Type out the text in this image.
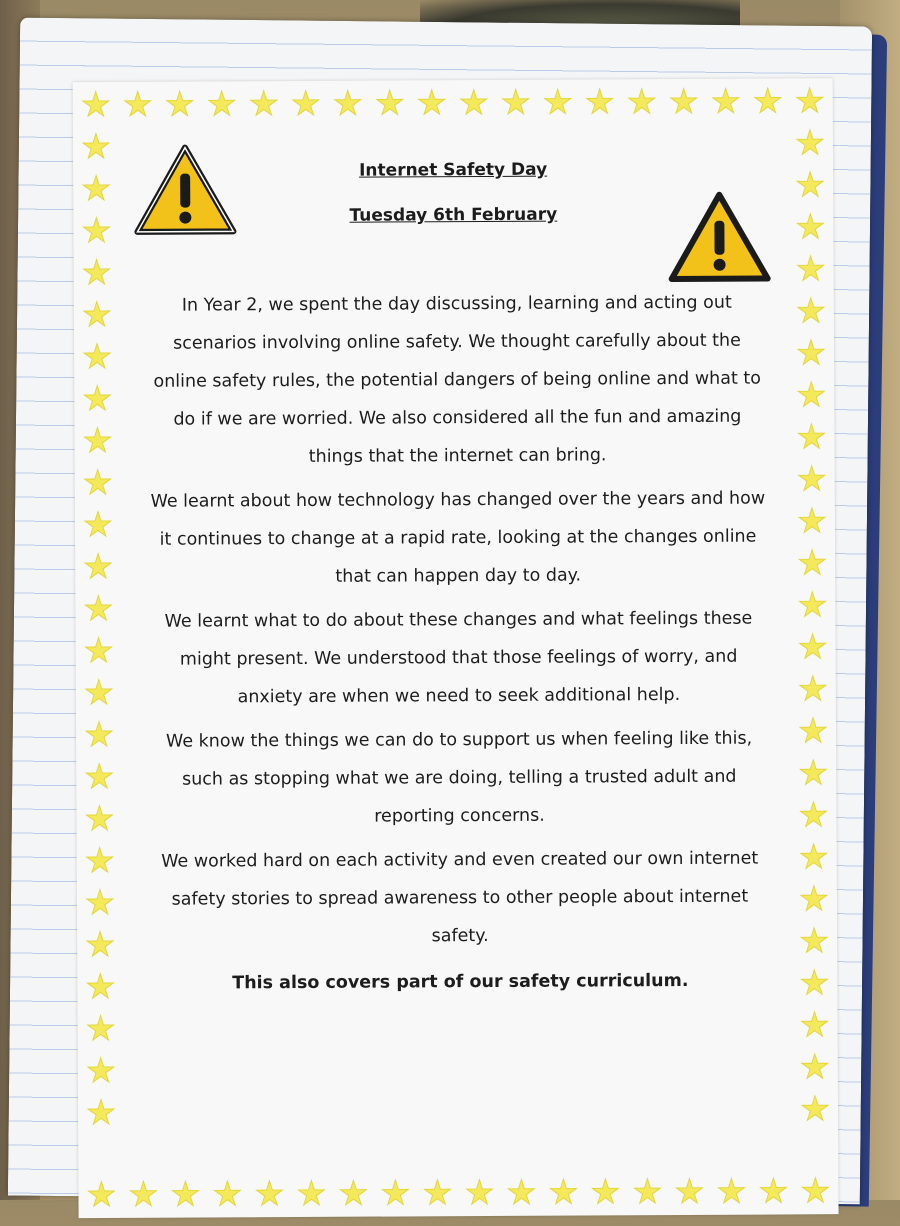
Internet Safety Day
Tuesday 6th February

In Year 2, we spent the day discussing, learning and acting out scenarios involving online safety. We thought carefully about the online safety rules, the potential dangers of being online and what to do if we are worried. We also considered all the fun and amazing things that the internet can bring.

We learnt about how technology has changed over the years and how it continues to change at a rapid rate, looking at the changes online that can happen day to day.

We learnt what to do about these changes and what feelings these might present. We understood that those feelings of worry, and anxiety are when we need to seek additional help.

We know the things we can do to support us when feeling like this, such as stopping what we are doing, telling a trusted adult and reporting concerns.

We worked hard on each activity and even created our own internet safety stories to spread awareness to other people about internet safety.

This also covers part of our safety curriculum.
